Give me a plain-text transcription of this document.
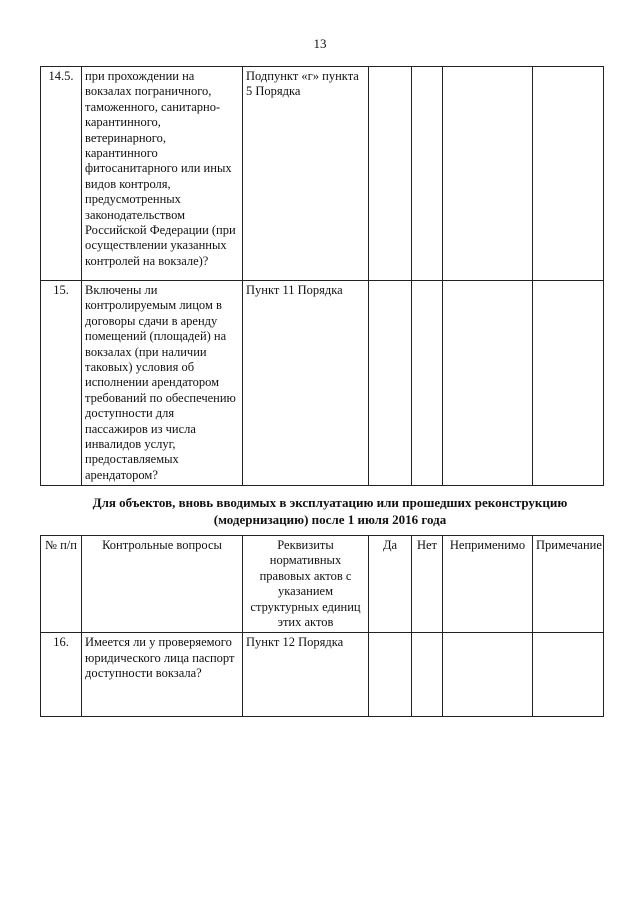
13
14.5.	при прохождении на вокзалах пограничного, таможенного, санитарно-карантинного, ветеринарного, карантинного фитосанитарного или иных видов контроля, предусмотренных законодательством Российской Федерации (при осуществлении указанных контролей на вокзале)?	Подпункт «г» пункта 5 Порядка				
15.	Включены ли контролируемым лицом в договоры сдачи в аренду помещений (площадей) на вокзалах (при наличии таковых) условия об исполнении арендатором требований по обеспечению доступности для пассажиров из числа инвалидов услуг, предоставляемых арендатором?	Пункт 11 Порядка				
Для объектов, вновь вводимых в эксплуатацию или прошедших реконструкцию (модернизацию) после 1 июля 2016 года
№ п/п	Контрольные вопросы	Реквизиты нормативных правовых актов с указанием структурных единиц этих актов	Да	Нет	Неприменимо	Примечание
16.	Имеется ли у проверяемого юридического лица паспорт доступности вокзала?	Пункт 12 Порядка				
